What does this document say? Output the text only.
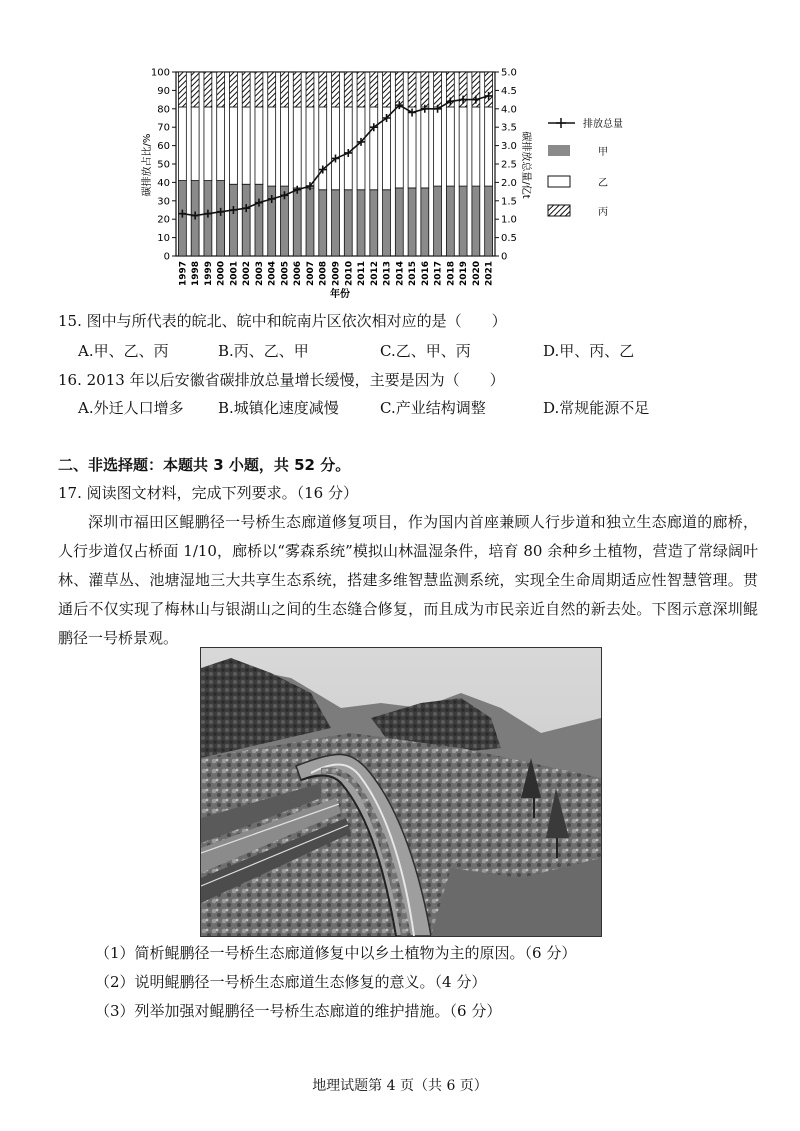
0
10
20
30
40
50
60
70
80
90
100
0
0.5
1.0
1.5
2.0
2.5
3.0
3.5
4.0
4.5
5.0
1997 1998 1999 2000 2001 2002 2003 2004 2005 2006 2007 2008 2009 2010 2011 2012 2013 2014 2015 2016 2017 2018 2019 2020 2021
排放总量
甲
乙
丙
年份
碳排放占比/%	碳排放总量/亿t
15. 图中与所代表的皖北、皖中和皖南片区依次相对应的是（　　）
A.甲、乙、丙	B.丙、乙、甲	C.乙、甲、丙	D.甲、丙、乙
16. 2013 年以后安徽省碳排放总量增长缓慢，主要是因为（　　）
A.外迁人口增多 B.城镇化速度减慢	C.产业结构调整	D.常规能源不足
二、非选择题：本题共 3 小题，共 52 分。
17. 阅读图文材料，完成下列要求。（16 分）
深圳市福田区鲲鹏径一号桥生态廊道修复项目，作为国内首座兼顾人行步道和独立生态廊道的廊桥，人行步道仅占桥面 1/10，廊桥以“雾森系统”模拟山林温湿条件，培育 80 余种乡土植物，营造了常绿阔叶林、灌草丛、池塘湿地三大共享生态系统，搭建多维智慧监测系统，实现全生命周期适应性智慧管理。贯通后不仅实现了梅林山与银湖山之间的生态缝合修复，而且成为市民亲近自然的新去处。下图示意深圳鲲鹏径一号桥景观。
（1）简析鲲鹏径一号桥生态廊道修复中以乡土植物为主的原因。（6 分）
（2）说明鲲鹏径一号桥生态廊道生态修复的意义。（4 分）
（3）列举加强对鲲鹏径一号桥生态廊道的维护措施。（6 分）
地理试题第 4 页（共 6 页）
